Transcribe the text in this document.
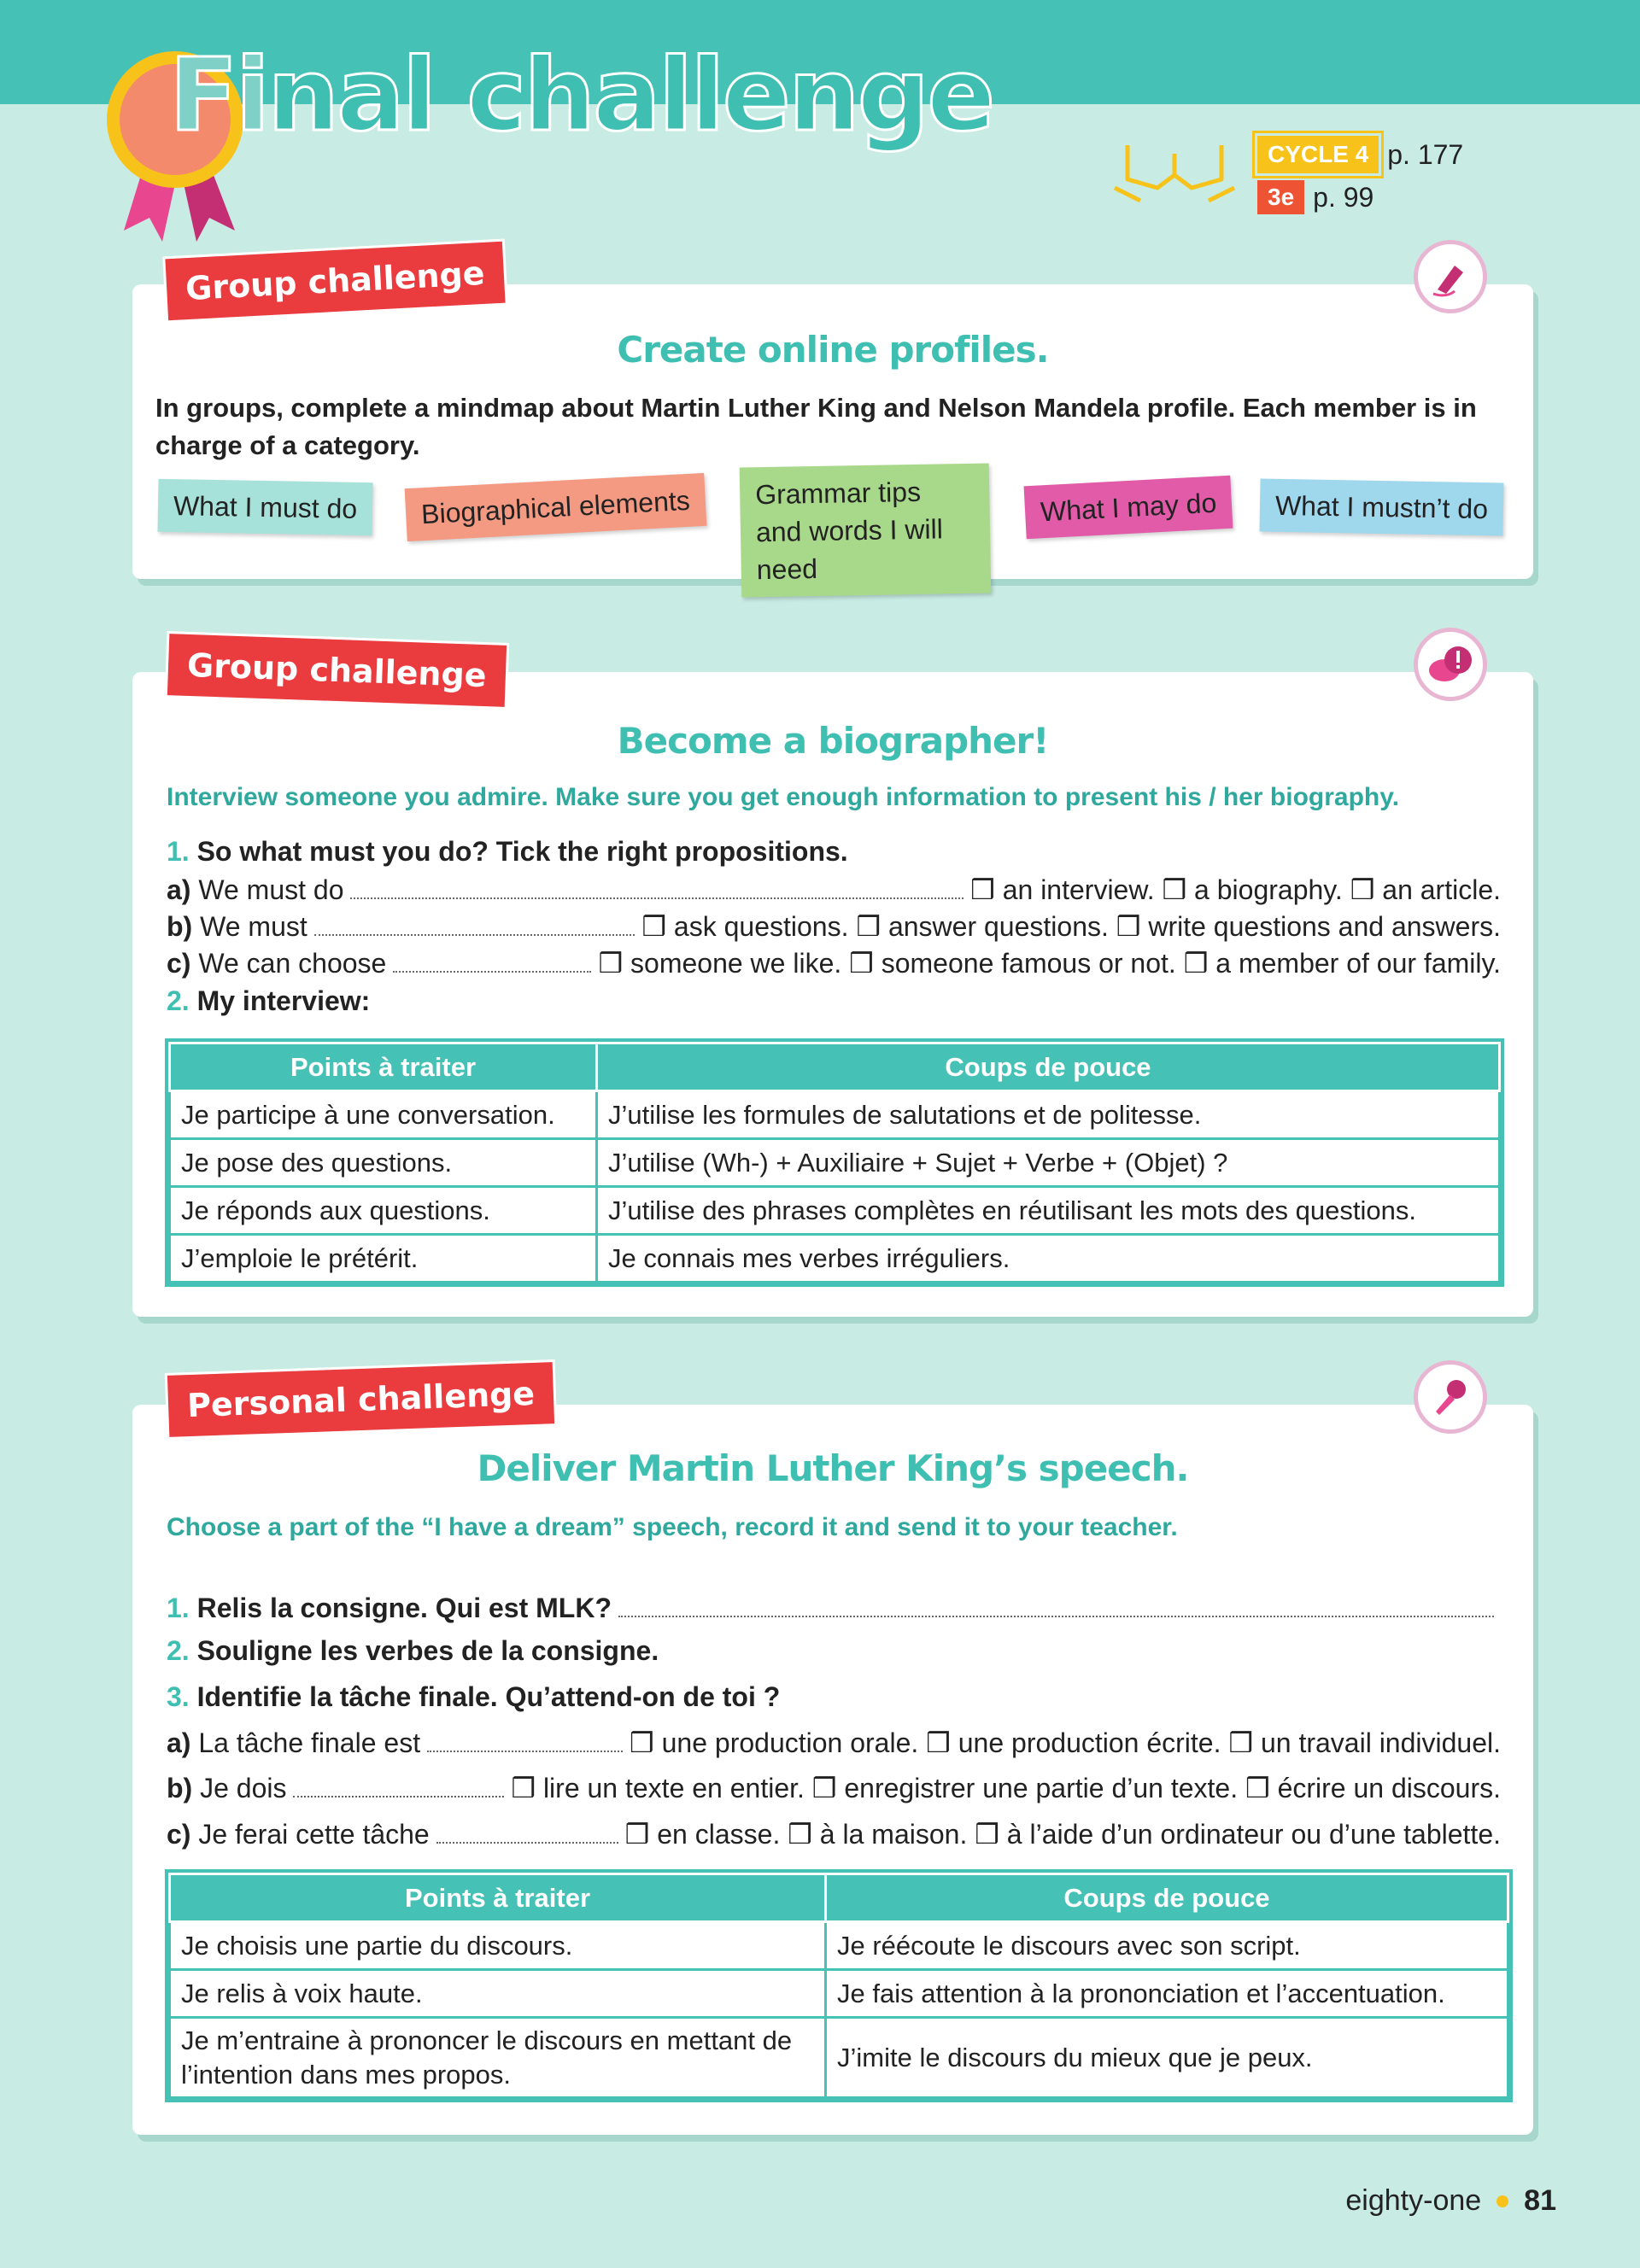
Final challenge
CYCLE 4 p. 177
3e p. 99
Group challenge
Create online profiles.
In groups, complete a mindmap about Martin Luther King and Nelson Mandela profile. Each member is in charge of a category.
What I must do	Biographical elements	Grammar tips and words I will need
What I may do	What I mustn’t do
Group challenge
Become a biographer!
Interview someone you admire. Make sure you get enough information to present his / her biography.
1. So what must you do? Tick the right propositions.
a)
We must do	❒ an interview. ❒ a biography. ❒ an article.
b)
We must	❒ ask questions. ❒ answer questions. ❒ write questions and answers.
c)
We can choose	❒ someone we like. ❒ someone famous or not. ❒ a member of our family.
2. My interview:
Points à traiter	Coups de pouce
Je participe à une conversation.	J’utilise les formules de salutations et de politesse.
Je pose des questions.	J’utilise (Wh-) + Auxiliaire + Sujet + Verbe + (Objet) ?
Je réponds aux questions.	J’utilise des phrases complètes en réutilisant les mots des questions.
J’emploie le prétérit.	Je connais mes verbes irréguliers.
Personal challenge
Deliver Martin Luther King’s speech.
Choose a part of the “I have a dream” speech, record it and send it to your teacher.
1.
Relis la consigne. Qui est MLK?
2. Souligne les verbes de la consigne.
3. Identifie la tâche finale. Qu’attend-on de toi ?
a)
La tâche finale est	❒ une production orale. ❒ une production écrite. ❒ un travail individuel.
b)
Je dois	❒ lire un texte en entier. ❒ enregistrer une partie d’un texte. ❒ écrire un discours.
c)
Je ferai cette tâche	❒ en classe. ❒ à la maison. ❒ à l’aide d’un ordinateur ou d’une tablette.
Points à traiter	Coups de pouce
Je choisis une partie du discours.	Je réécoute le discours avec son script.
Je relis à voix haute.	Je fais attention à la prononciation et l’accentuation.
Je m’entraine à prononcer le discours en mettant de l’intention dans mes propos.	J’imite le discours du mieux que je peux.
eighty-one 81
